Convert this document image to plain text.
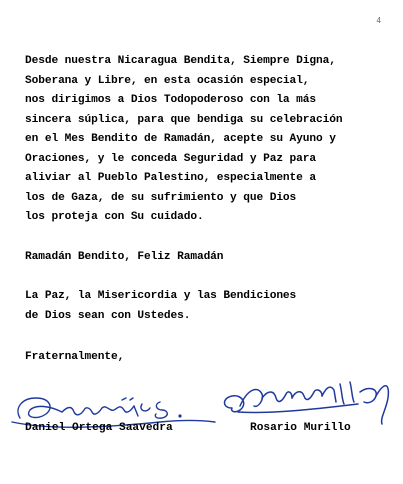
4

Desde nuestra Nicaragua Bendita, Siempre Digna,
Soberana y Libre, en esta ocasión especial,
nos dirigimos a Dios Todopoderoso con la más
sincera súplica, para que bendiga su celebración
en el Mes Bendito de Ramadán, acepte su Ayuno y
Oraciones, y le conceda Seguridad y Paz para
aliviar al Pueblo Palestino, especialmente a
los de Gaza, de su sufrimiento y que Dios
los proteja con Su cuidado.

Ramadán Bendito, Feliz Ramadán

La Paz, la Misericordia y las Bendiciones
de Dios sean con Ustedes.

Fraternalmente,

Daniel Ortega Saavedra	Rosario Murillo
